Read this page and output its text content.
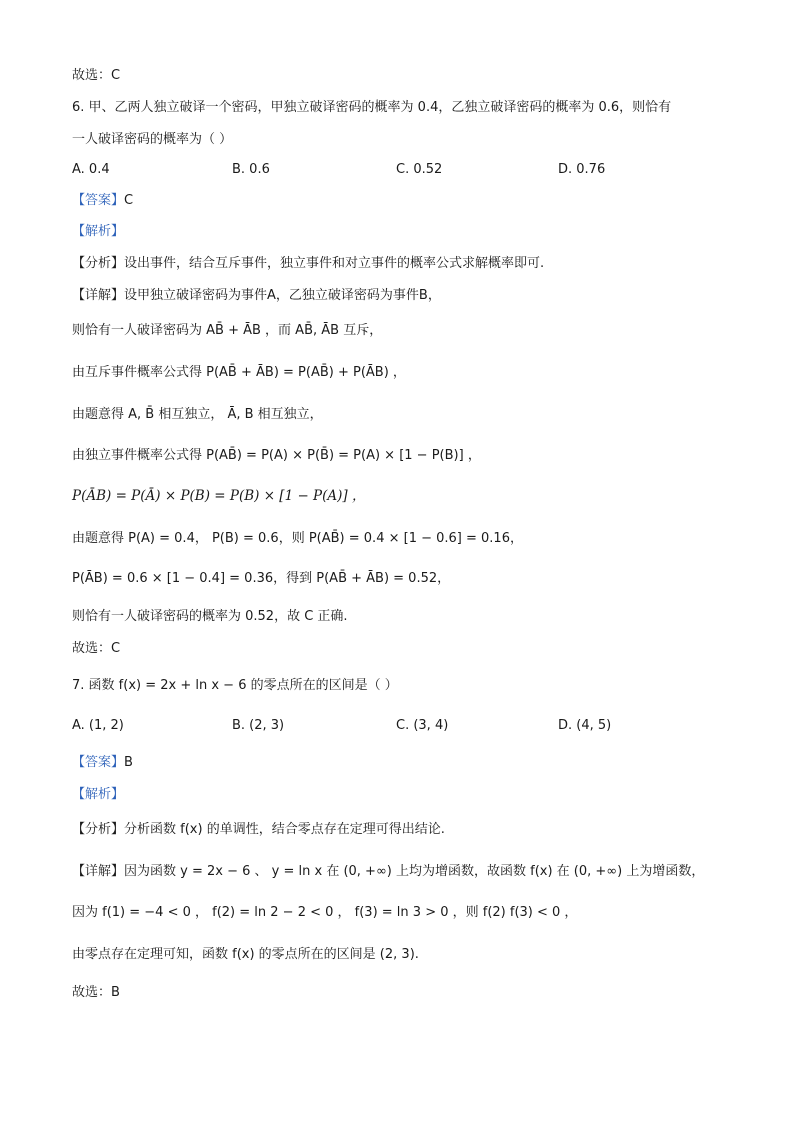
故选：C
6. 甲、乙两人独立破译一个密码，甲独立破译密码的概率为 0.4，乙独立破译密码的概率为 0.6，则恰有
一人破译密码的概率为（ ）
A. 0.4	B. 0.6	C. 0.52	D. 0.76
【答案】C
【解析】
【分析】设出事件，结合互斥事件，独立事件和对立事件的概率公式求解概率即可.
【详解】设甲独立破译密码为事件A，乙独立破译密码为事件B，
则恰有一人破译密码为 AB̄ + ĀB ，而 AB̄, ĀB 互斥，
由互斥事件概率公式得 P(AB̄ + ĀB) = P(AB̄) + P(ĀB) ，
由题意得 A, B̄ 相互独立， Ā, B 相互独立，
由独立事件概率公式得 P(AB̄) = P(A) × P(B̄) = P(A) × [1 − P(B)] ，
P(ĀB) = P(Ā) × P(B) = P(B) × [1 − P(A)] ，
由题意得 P(A) = 0.4， P(B) = 0.6，则 P(AB̄) = 0.4 × [1 − 0.6] = 0.16，
P(ĀB) = 0.6 × [1 − 0.4] = 0.36，得到 P(AB̄ + ĀB) = 0.52，
则恰有一人破译密码的概率为 0.52，故 C 正确.
故选：C
7. 函数 f(x) = 2x + ln x − 6 的零点所在的区间是（ ）
A. (1, 2)	B. (2, 3)	C. (3, 4)	D. (4, 5)
【答案】B
【解析】
【分析】分析函数 f(x) 的单调性，结合零点存在定理可得出结论.
【详解】因为函数 y = 2x − 6 、 y = ln x 在 (0, +∞) 上均为增函数，故函数 f(x) 在 (0, +∞) 上为增函数，
因为 f(1) = −4 < 0 ， f(2) = ln 2 − 2 < 0 ， f(3) = ln 3 > 0 ，则 f(2) f(3) < 0 ，
由零点存在定理可知，函数 f(x) 的零点所在的区间是 (2, 3).
故选：B
